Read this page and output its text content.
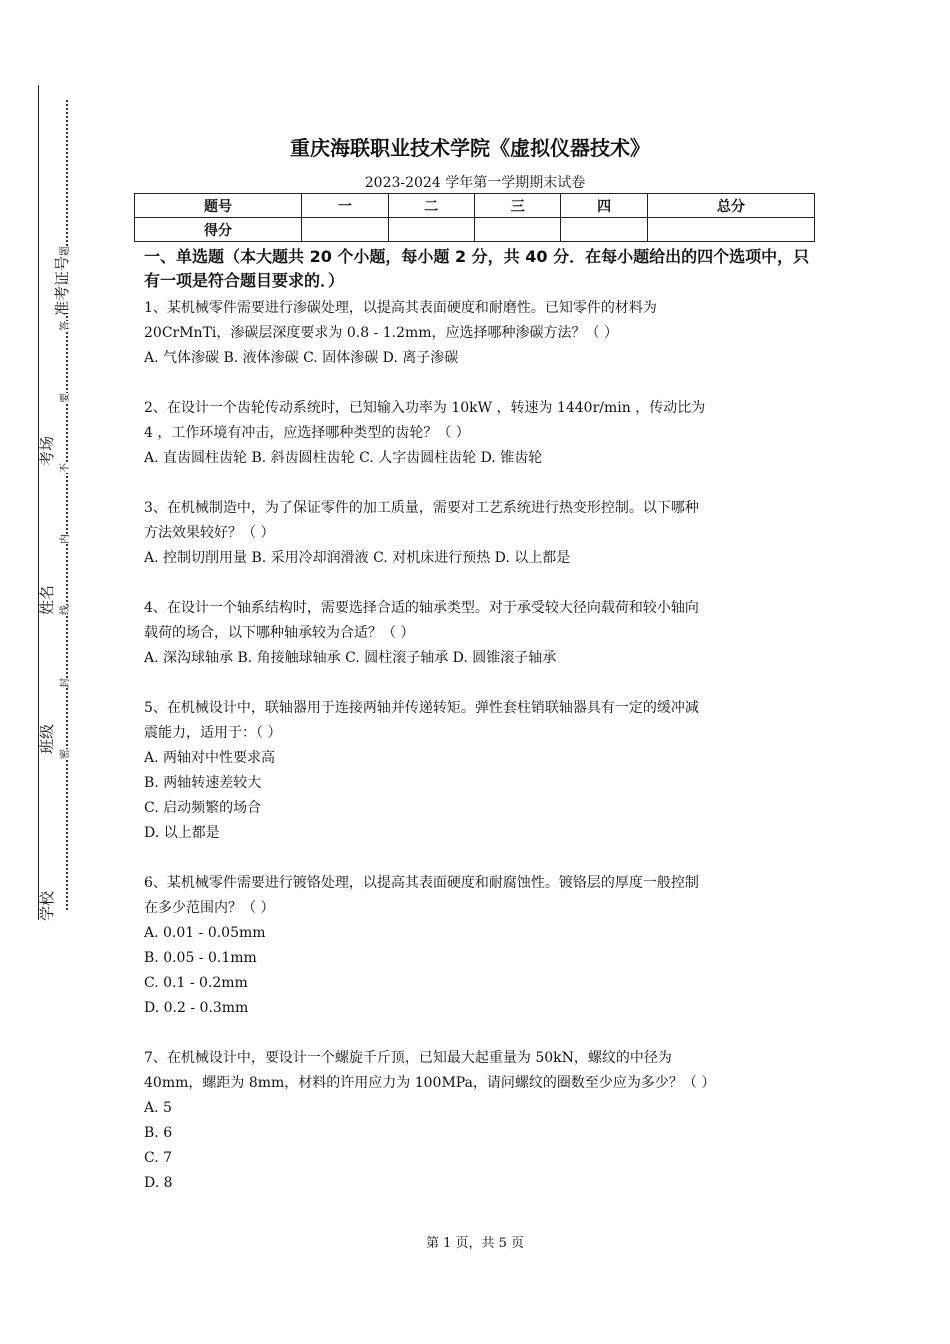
准考证号
考场
姓名
班级
学校
题
答
要
不
内
线
封
密
重庆海联职业技术学院《虚拟仪器技术》
2023-2024 学年第一学期期末试卷
题号	一	二	三	四	总分
得分					
一、单选题（本大题共 20 个小题，每小题 2 分，共 40 分．在每小题给出的四个选项中，只有一项是符合题目要求的．）

1、某机械零件需要进行渗碳处理，以提高其表面硬度和耐磨性。已知零件的材料为

20CrMnTi，渗碳层深度要求为 0.8 - 1.2mm，应选择哪种渗碳方法？（ ）

A. 气体渗碳 B. 液体渗碳 C. 固体渗碳 D. 离子渗碳

2、在设计一个齿轮传动系统时，已知输入功率为 10kW ，转速为 1440r/min ，传动比为

4 ，工作环境有冲击，应选择哪种类型的齿轮？（ ）

A. 直齿圆柱齿轮 B. 斜齿圆柱齿轮 C. 人字齿圆柱齿轮 D. 锥齿轮

3、在机械制造中，为了保证零件的加工质量，需要对工艺系统进行热变形控制。以下哪种

方法效果较好？（ ）

A. 控制切削用量 B. 采用冷却润滑液 C. 对机床进行预热 D. 以上都是

4、在设计一个轴系结构时，需要选择合适的轴承类型。对于承受较大径向载荷和较小轴向

载荷的场合，以下哪种轴承较为合适？（ ）

A. 深沟球轴承 B. 角接触球轴承 C. 圆柱滚子轴承 D. 圆锥滚子轴承

5、在机械设计中，联轴器用于连接两轴并传递转矩。弹性套柱销联轴器具有一定的缓冲减

震能力，适用于：（ ）

A. 两轴对中性要求高

B. 两轴转速差较大

C. 启动频繁的场合

D. 以上都是

6、某机械零件需要进行镀铬处理，以提高其表面硬度和耐腐蚀性。镀铬层的厚度一般控制

在多少范围内？（ ）

A. 0.01 - 0.05mm

B. 0.05 - 0.1mm

C. 0.1 - 0.2mm

D. 0.2 - 0.3mm

7、在机械设计中，要设计一个螺旋千斤顶，已知最大起重量为 50kN，螺纹的中径为

40mm，螺距为 8mm，材料的许用应力为 100MPa，请问螺纹的圈数至少应为多少？（ ）

A. 5

B. 6

C. 7

D. 8

第 1 页，共 5 页
